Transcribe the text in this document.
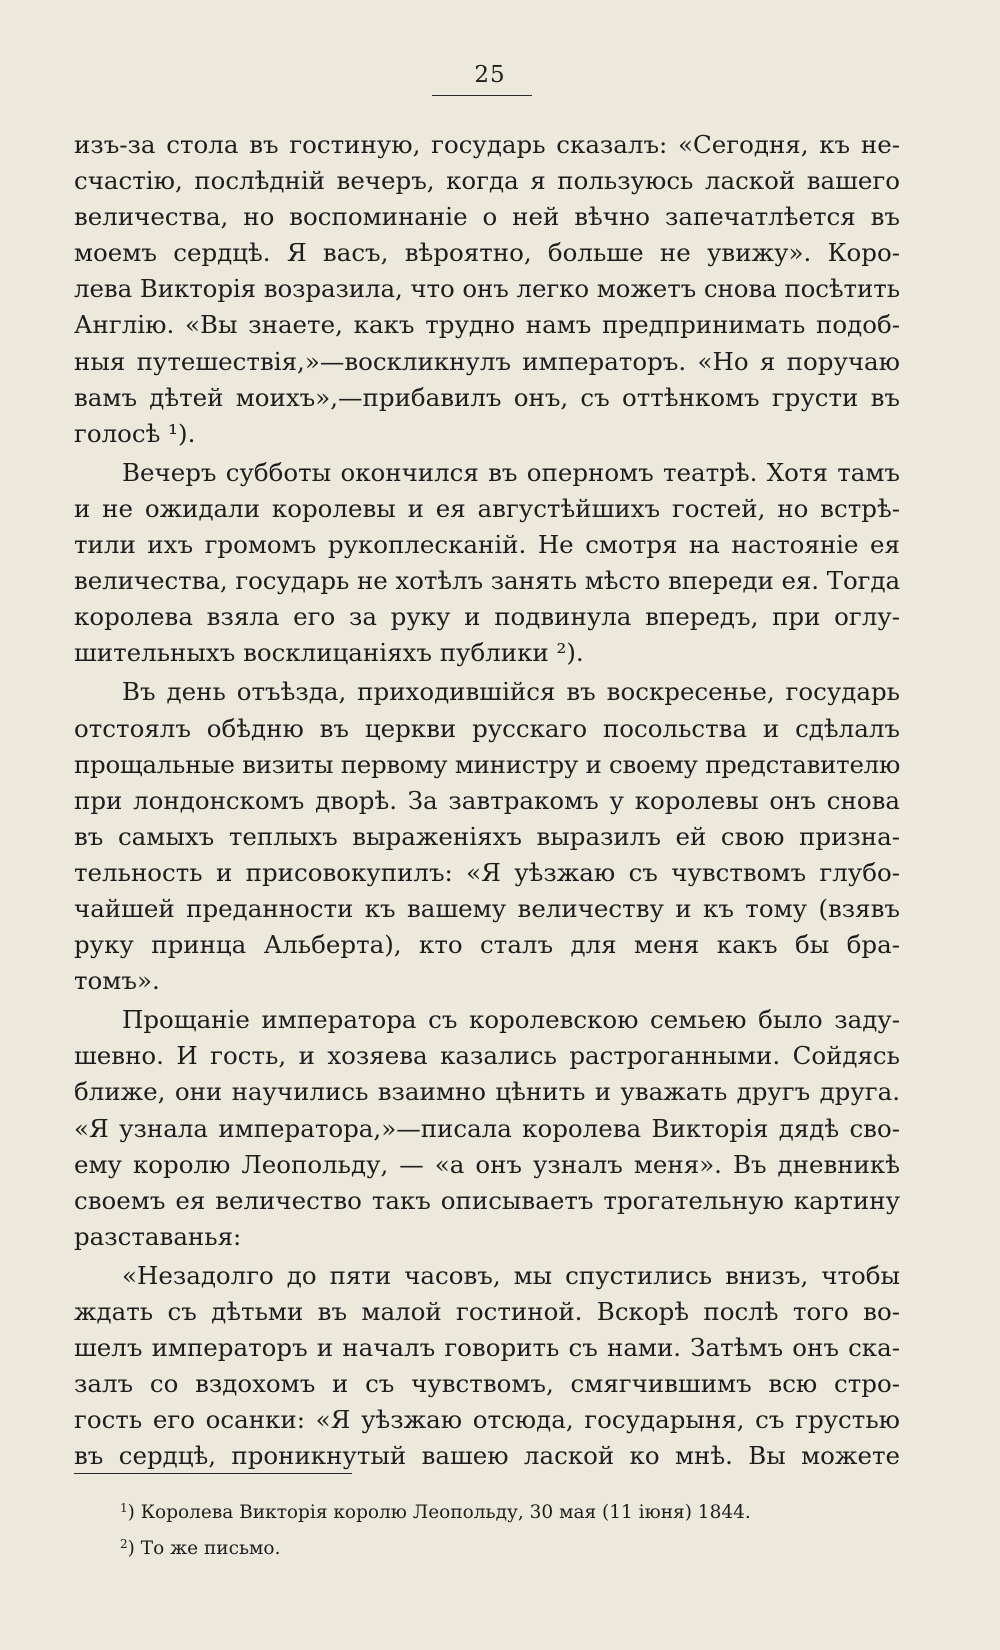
25
изъ-за стола въ гостиную, государь сказалъ: «Сегодня, къ не-
счастію, послѣдній вечеръ, когда я пользуюсь лаской вашего
величества, но воспоминаніе о ней вѣчно запечатлѣется въ
моемъ сердцѣ. Я васъ, вѣроятно, больше не увижу». Коро-
лева Викторія возразила, что онъ легко можетъ снова посѣтить
Англію. «Вы знаете, какъ трудно намъ предпринимать подоб-
ныя путешествія,»—воскликнулъ императоръ. «Но я поручаю
вамъ дѣтей моихъ»,—прибавилъ онъ, съ оттѣнкомъ грусти въ
голосѣ ¹).
Вечеръ субботы окончился въ оперномъ театрѣ. Хотя тамъ
и не ожидали королевы и ея августѣйшихъ гостей, но встрѣ-
тили ихъ громомъ рукоплесканій. Не смотря на настояніе ея
величества, государь не хотѣлъ занять мѣсто впереди ея. Тогда
королева взяла его за руку и подвинула впередъ, при оглу-
шительныхъ восклицаніяхъ публики ²).
Въ день отъѣзда, приходившійся въ воскресенье, государь
отстоялъ обѣдню въ церкви русскаго посольства и сдѣлалъ
прощальные визиты первому министру и своему представителю
при лондонскомъ дворѣ. За завтракомъ у королевы онъ снова
въ самыхъ теплыхъ выраженіяхъ выразилъ ей свою призна-
тельность и присовокупилъ: «Я уѣзжаю съ чувствомъ глубо-
чайшей преданности къ вашему величеству и къ тому (взявъ
руку принца Альберта), кто сталъ для меня какъ бы бра-
томъ».
Прощаніе императора съ королевскою семьею было заду-
шевно. И гость, и хозяева казались растроганными. Сойдясь
ближе, они научились взаимно цѣнить и уважать другъ друга.
«Я узнала императора,»—писала королева Викторія дядѣ сво-
ему королю Леопольду, — «а онъ узналъ меня». Въ дневникѣ
своемъ ея величество такъ описываетъ трогательную картину
разставанья:
«Незадолго до пяти часовъ, мы спустились внизъ, чтобы
ждать съ дѣтьми въ малой гостиной. Вскорѣ послѣ того во-
шелъ императоръ и началъ говорить съ нами. Затѣмъ онъ ска-
залъ со вздохомъ и съ чувствомъ, смягчившимъ всю стро-
гость его осанки: «Я уѣзжаю отсюда, государыня, съ грустью
въ сердцѣ, проникнутый вашею лаской ко мнѣ. Вы можете
$^1$) Королева Викторія королю Леопольду, 30 мая (11 іюня) 1844.
$^2$) То же письмо.
